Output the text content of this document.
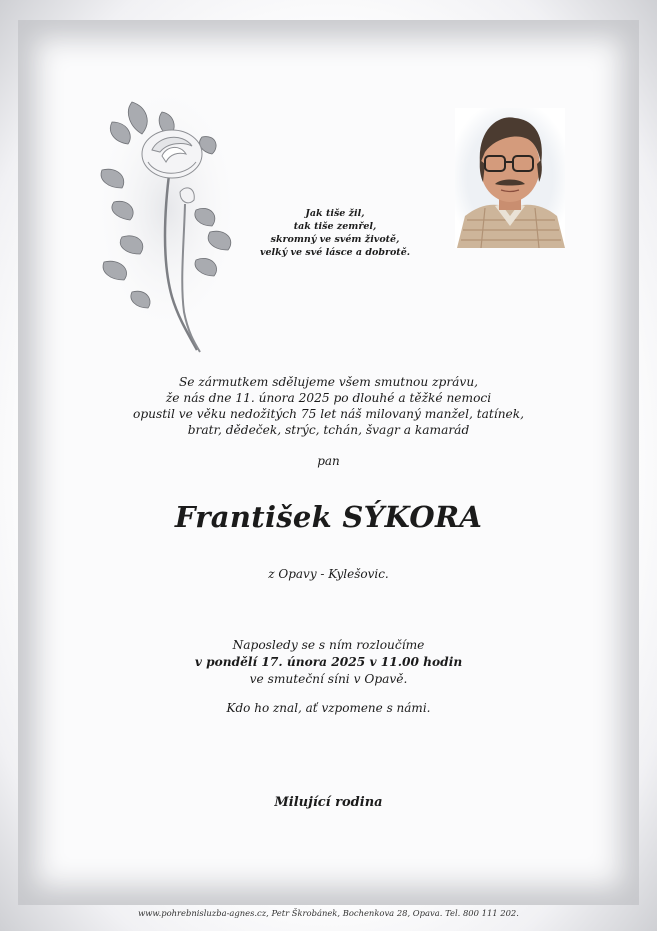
Jak tiše žil,
tak tiše zemřel,
skromný ve svém životě,
velký ve své lásce a dobrotě.
Se zármutkem sdělujeme všem smutnou zprávu,
že nás dne 11. února 2025 po dlouhé a těžké nemoci
opustil ve věku nedožitých 75 let náš milovaný manžel, tatínek,
bratr, dědeček, strýc, tchán, švagr a kamarád
pan
František SÝKORA
z Opavy - Kylešovic.
Naposledy se s ním rozloučíme
v pondělí 17. února 2025 v 11.00 hodin
ve smuteční síni v Opavě.
Kdo ho znal, ať vzpomene s námi.
Milující rodina
www.pohrebnisluzba-agnes.cz, Petr Škrobánek, Bochenkova 28, Opava. Tel. 800 111 202.
